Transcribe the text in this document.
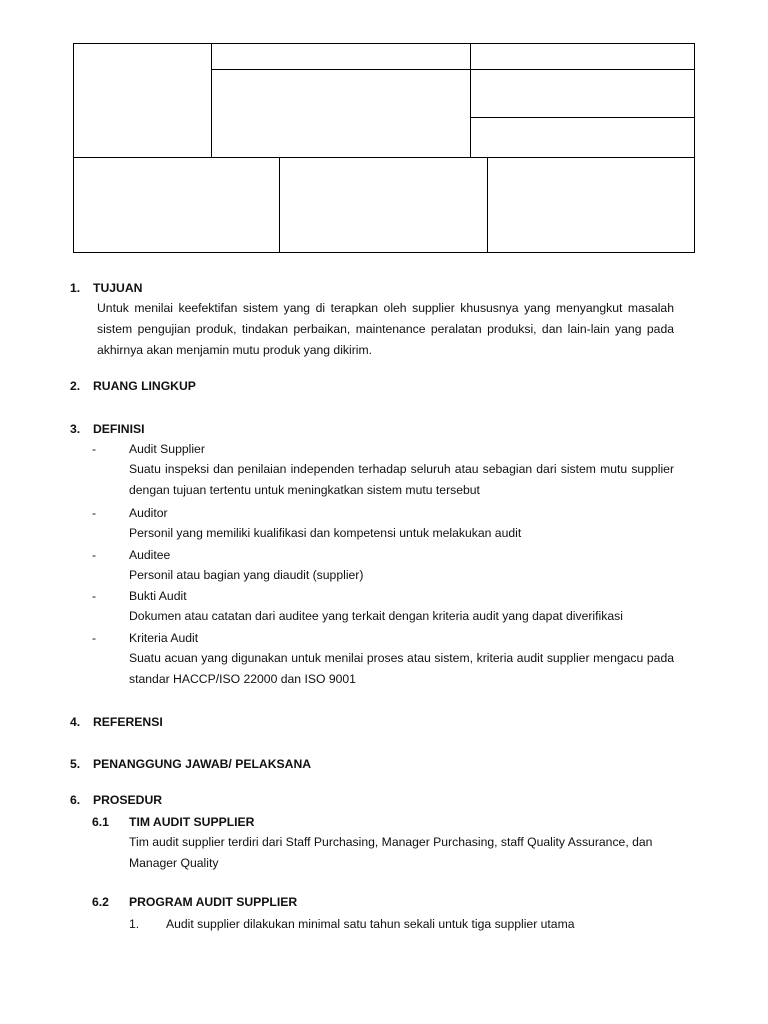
1. TUJUAN
Untuk menilai keefektifan sistem yang di terapkan oleh supplier khususnya yang menyangkut masalah sistem pengujian produk, tindakan perbaikan, maintenance peralatan produksi, dan lain-lain yang pada akhirnya akan menjamin mutu produk yang dikirim.
2. RUANG LINGKUP
3. DEFINISI
-	Audit Supplier
Suatu inspeksi dan penilaian independen terhadap seluruh atau sebagian dari sistem mutu supplier dengan tujuan tertentu untuk meningkatkan sistem mutu tersebut
-	Auditor
Personil yang memiliki kualifikasi dan kompetensi untuk melakukan audit
-	Auditee
Personil atau bagian yang diaudit (supplier)
-	Bukti Audit
Dokumen atau catatan dari auditee yang terkait dengan kriteria audit yang dapat diverifikasi
-	Kriteria Audit
Suatu acuan yang digunakan untuk menilai proses atau sistem, kriteria audit supplier mengacu pada standar HACCP/ISO 22000 dan ISO 9001
4. REFERENSI
5. PENANGGUNG JAWAB/ PELAKSANA
6. PROSEDUR
6.1 TIM AUDIT SUPPLIER
Tim audit supplier terdiri dari Staff Purchasing, Manager Purchasing, staff Quality Assurance, dan Manager Quality
6.2 PROGRAM AUDIT SUPPLIER
1. Audit supplier dilakukan minimal satu tahun sekali untuk tiga supplier utama
